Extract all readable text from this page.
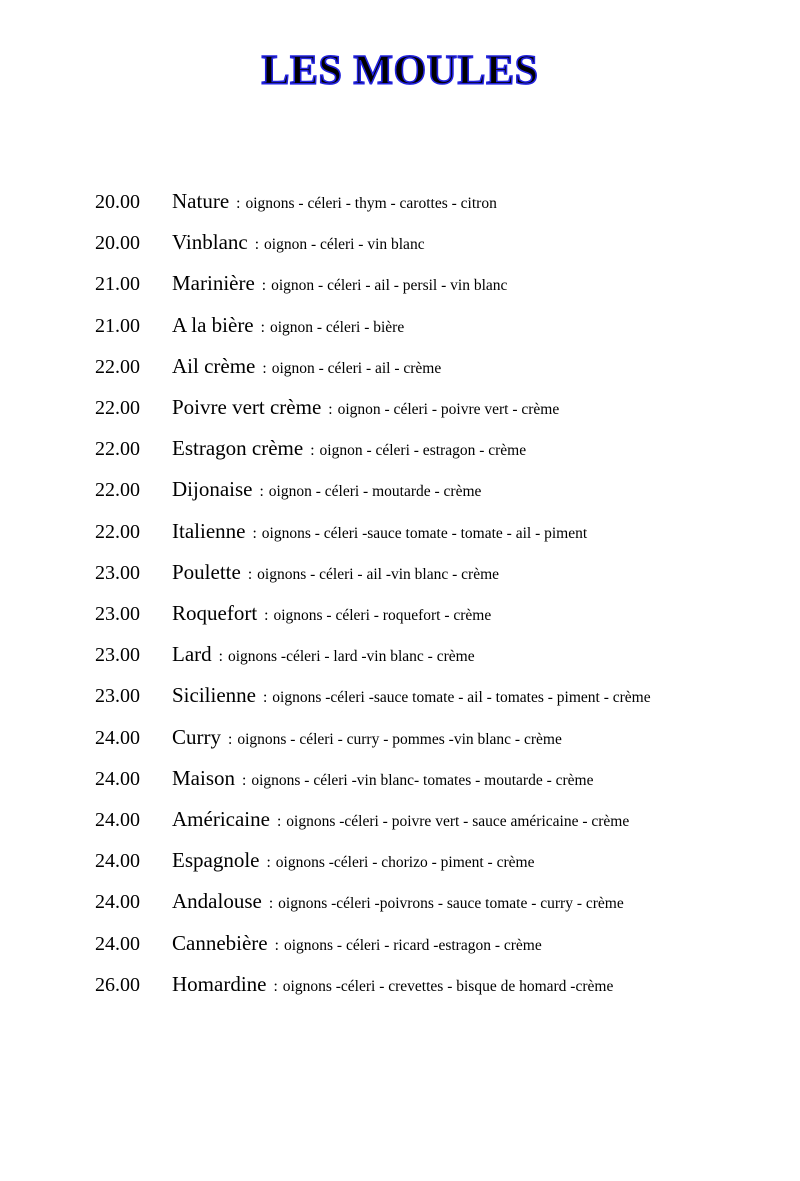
LES MOULES
20.00 Nature : oignons - céleri - thym - carottes - citron
20.00 Vinblanc : oignon - céleri - vin blanc
21.00 Marinière : oignon - céleri - ail - persil - vin blanc
21.00 A la bière : oignon - céleri - bière
22.00 Ail crème : oignon - céleri - ail - crème
22.00 Poivre vert crème : oignon - céleri - poivre vert - crème
22.00 Estragon crème : oignon - céleri - estragon - crème
22.00 Dijonaise : oignon - céleri - moutarde - crème
22.00 Italienne : oignons - céleri -sauce tomate - tomate - ail - piment
23.00 Poulette : oignons - céleri - ail -vin blanc - crème
23.00 Roquefort : oignons - céleri - roquefort - crème
23.00 Lard : oignons -céleri - lard -vin blanc - crème
23.00 Sicilienne : oignons -céleri -sauce tomate - ail - tomates - piment - crème
24.00 Curry : oignons - céleri - curry - pommes -vin blanc - crème
24.00 Maison : oignons - céleri -vin blanc- tomates - moutarde - crème
24.00 Américaine : oignons -céleri - poivre vert - sauce américaine - crème
24.00 Espagnole : oignons -céleri - chorizo - piment - crème
24.00 Andalouse : oignons -céleri -poivrons - sauce tomate - curry - crème
24.00 Cannebière : oignons - céleri - ricard -estragon - crème
26.00 Homardine : oignons -céleri - crevettes - bisque de homard -crème
